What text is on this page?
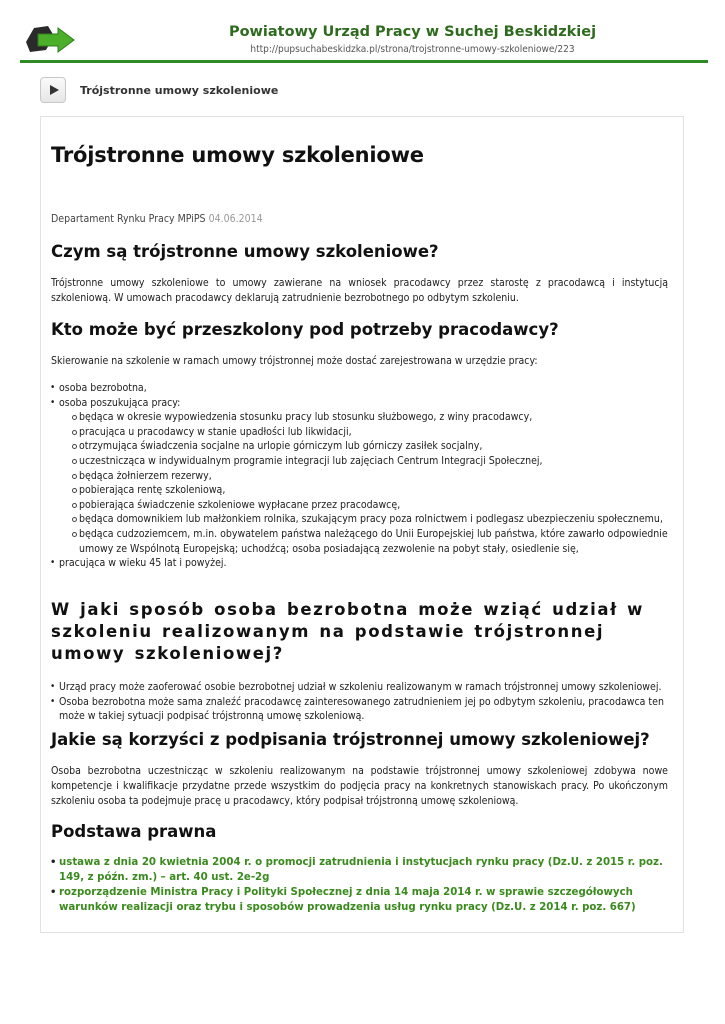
Powiatowy Urząd Pracy w Suchej Beskidzkiej
http://pupsuchabeskidzka.pl/strona/trojstronne-umowy-szkoleniowe/223
Trójstronne umowy szkoleniowe
Trójstronne umowy szkoleniowe
Departament Rynku Pracy MPiPS 04.06.2014
Czym są trójstronne umowy szkoleniowe?

Trójstronne umowy szkoleniowe to umowy zawierane na wniosek pracodawcy przez starostę z pracodawcą i instytucją szkoleniową. W umowach pracodawcy deklarują zatrudnienie bezrobotnego po odbytym szkoleniu.

Kto może być przeszkolony pod potrzeby pracodawcy?

Skierowanie na szkolenie w ramach umowy trójstronnej może dostać zarejestrowana w urzędzie pracy:

• osoba bezrobotna,
• osoba poszukująca pracy:
będąca w okresie wypowiedzenia stosunku pracy lub stosunku służbowego, z winy pracodawcy,
pracująca u pracodawcy w stanie upadłości lub likwidacji,
otrzymująca świadczenia socjalne na urlopie górniczym lub górniczy zasiłek socjalny,
uczestnicząca w indywidualnym programie integracji lub zajęciach Centrum Integracji Społecznej,
będąca żołnierzem rezerwy,
pobierająca rentę szkoleniową,
pobierająca świadczenie szkoleniowe wypłacane przez pracodawcę,
będąca domownikiem lub małżonkiem rolnika, szukającym pracy poza rolnictwem i podlegasz ubezpieczeniu społecznemu,
będąca cudzoziemcem, m.in. obywatelem państwa należącego do Unii Europejskiej lub państwa, które zawarło odpowiednie umowy ze Wspólnotą Europejską; uchodźcą; osoba posiadającą zezwolenie na pobyt stały, osiedlenie się,
• pracująca w wieku 45 lat i powyżej.
W jaki sposób osoba bezrobotna może wziąć udział w szkoleniu realizowanym na podstawie trójstronnej umowy szkoleniowej?
• Urząd pracy może zaoferować osobie bezrobotnej udział w szkoleniu realizowanym w ramach trójstronnej umowy szkoleniowej.
• Osoba bezrobotna może sama znaleźć pracodawcę zainteresowanego zatrudnieniem jej po odbytym szkoleniu, pracodawca ten może w takiej sytuacji podpisać trójstronną umowę szkoleniową.
Jakie są korzyści z podpisania trójstronnej umowy szkoleniowej?

Osoba bezrobotna uczestnicząc w szkoleniu realizowanym na podstawie trójstronnej umowy szkoleniowej zdobywa nowe kompetencje i kwalifikacje przydatne przede wszystkim do podjęcia pracy na konkretnych stanowiskach pracy. Po ukończonym szkoleniu osoba ta podejmuje pracę u pracodawcy, który podpisał trójstronną umowę szkoleniową.

Podstawa prawna
• ustawa z dnia 20 kwietnia 2004 r. o promocji zatrudnienia i instytucjach rynku pracy (Dz.U. z 2015 r. poz. 149, z późn. zm.) – art. 40 ust. 2e-2g
• rozporządzenie Ministra Pracy i Polityki Społecznej z dnia 14 maja 2014 r. w sprawie szczegółowych warunków realizacji oraz trybu i sposobów prowadzenia usług rynku pracy (Dz.U. z 2014 r. poz. 667)
